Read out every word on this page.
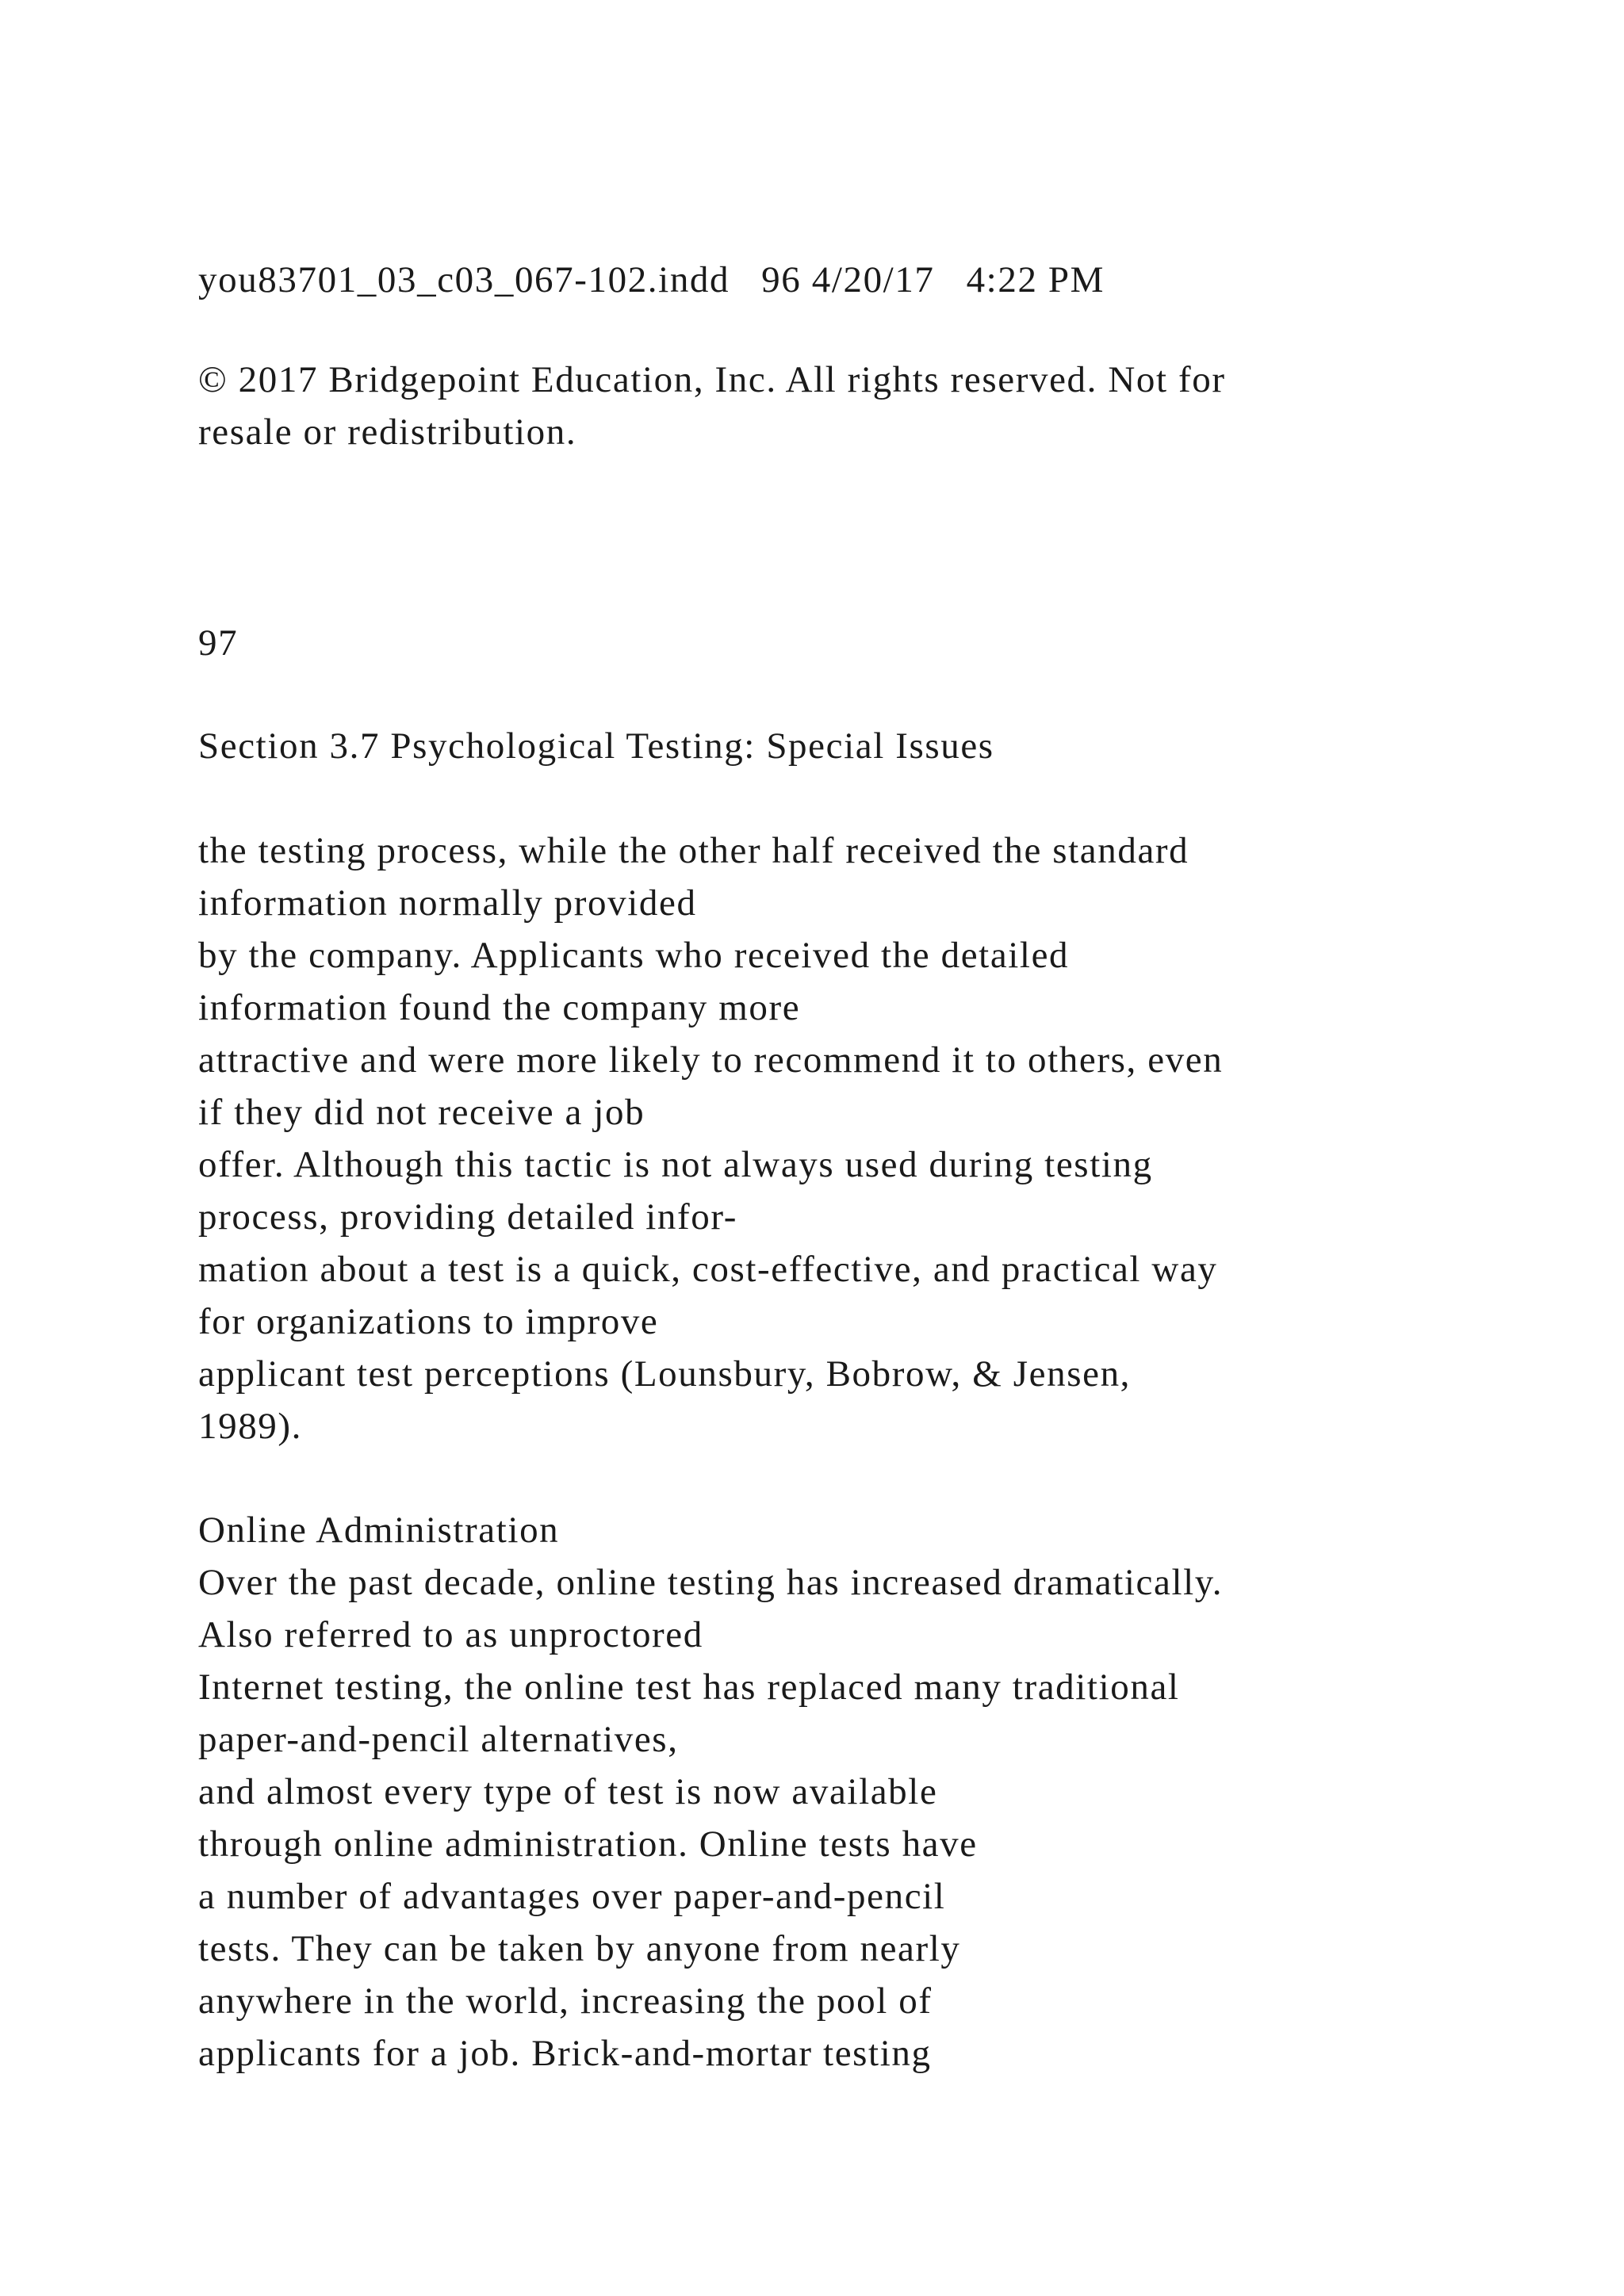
you83701_03_c03_067-102.indd   96 4/20/17   4:22 PM

© 2017 Bridgepoint Education, Inc. All rights reserved. Not for

resale or redistribution.

97

Section 3.7 Psychological Testing: Special Issues

the testing process, while the other half received the standard

information normally provided

by the company. Applicants who received the detailed

information found the company more

attractive and were more likely to recommend it to others, even

if they did not receive a job

offer. Although this tactic is not always used during testing

process, providing detailed infor-

mation about a test is a quick, cost-effective, and practical way

for organizations to improve

applicant test perceptions (Lounsbury, Bobrow, & Jensen,

1989).

Online Administration

Over the past decade, online testing has increased dramatically.

Also referred to as unproctored

Internet testing, the online test has replaced many traditional

paper-and-pencil alternatives,

and almost every type of test is now available

through online administration. Online tests have

a number of advantages over paper-and-pencil

tests. They can be taken by anyone from nearly

anywhere in the world, increasing the pool of

applicants for a job. Brick-and-mortar testing
